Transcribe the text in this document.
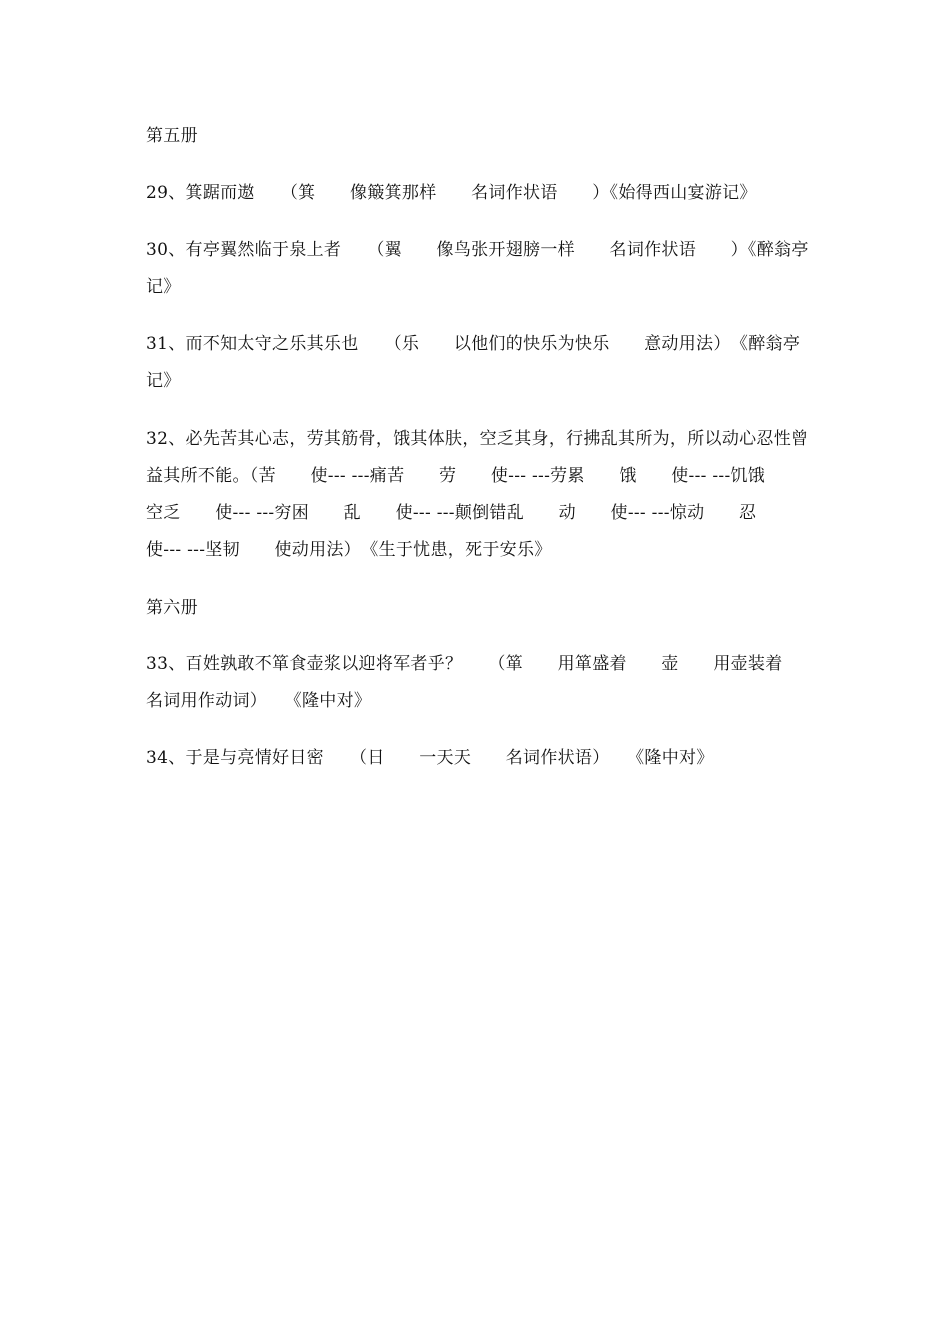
第五册
29、箕踞而遨　　（箕　　像簸箕那样　　名词作状语　　）《始得西山宴游记》
30、有亭翼然临于泉上者　　（翼　　像鸟张开翅膀一样　　名词作状语　　）《醉翁亭记》
31、而不知太守之乐其乐也　　（乐　　以他们的快乐为快乐　　意动用法）　《醉翁亭记》
32、必先苦其心志，劳其筋骨，饿其体肤，空乏其身，行拂乱其所为，所以动心忍性曾益其所不能。（苦　　使--- ---痛苦　　劳　　使--- ---劳累　　饿　　使--- ---饥饿　　空乏　　使--- ---穷困　　乱　　使--- ---颠倒错乱　　动　　使--- ---惊动　　忍　　使--- ---坚韧　　使动用法）　《生于忧患，死于安乐》
第六册
33、百姓孰敢不箪食壶浆以迎将军者乎？　　（箪　　用箪盛着　　壶　　用壶装着　　名词用作动词）　　《隆中对》
34、于是与亮情好日密　　（日　　一天天　　名词作状语）　　《隆中对》
